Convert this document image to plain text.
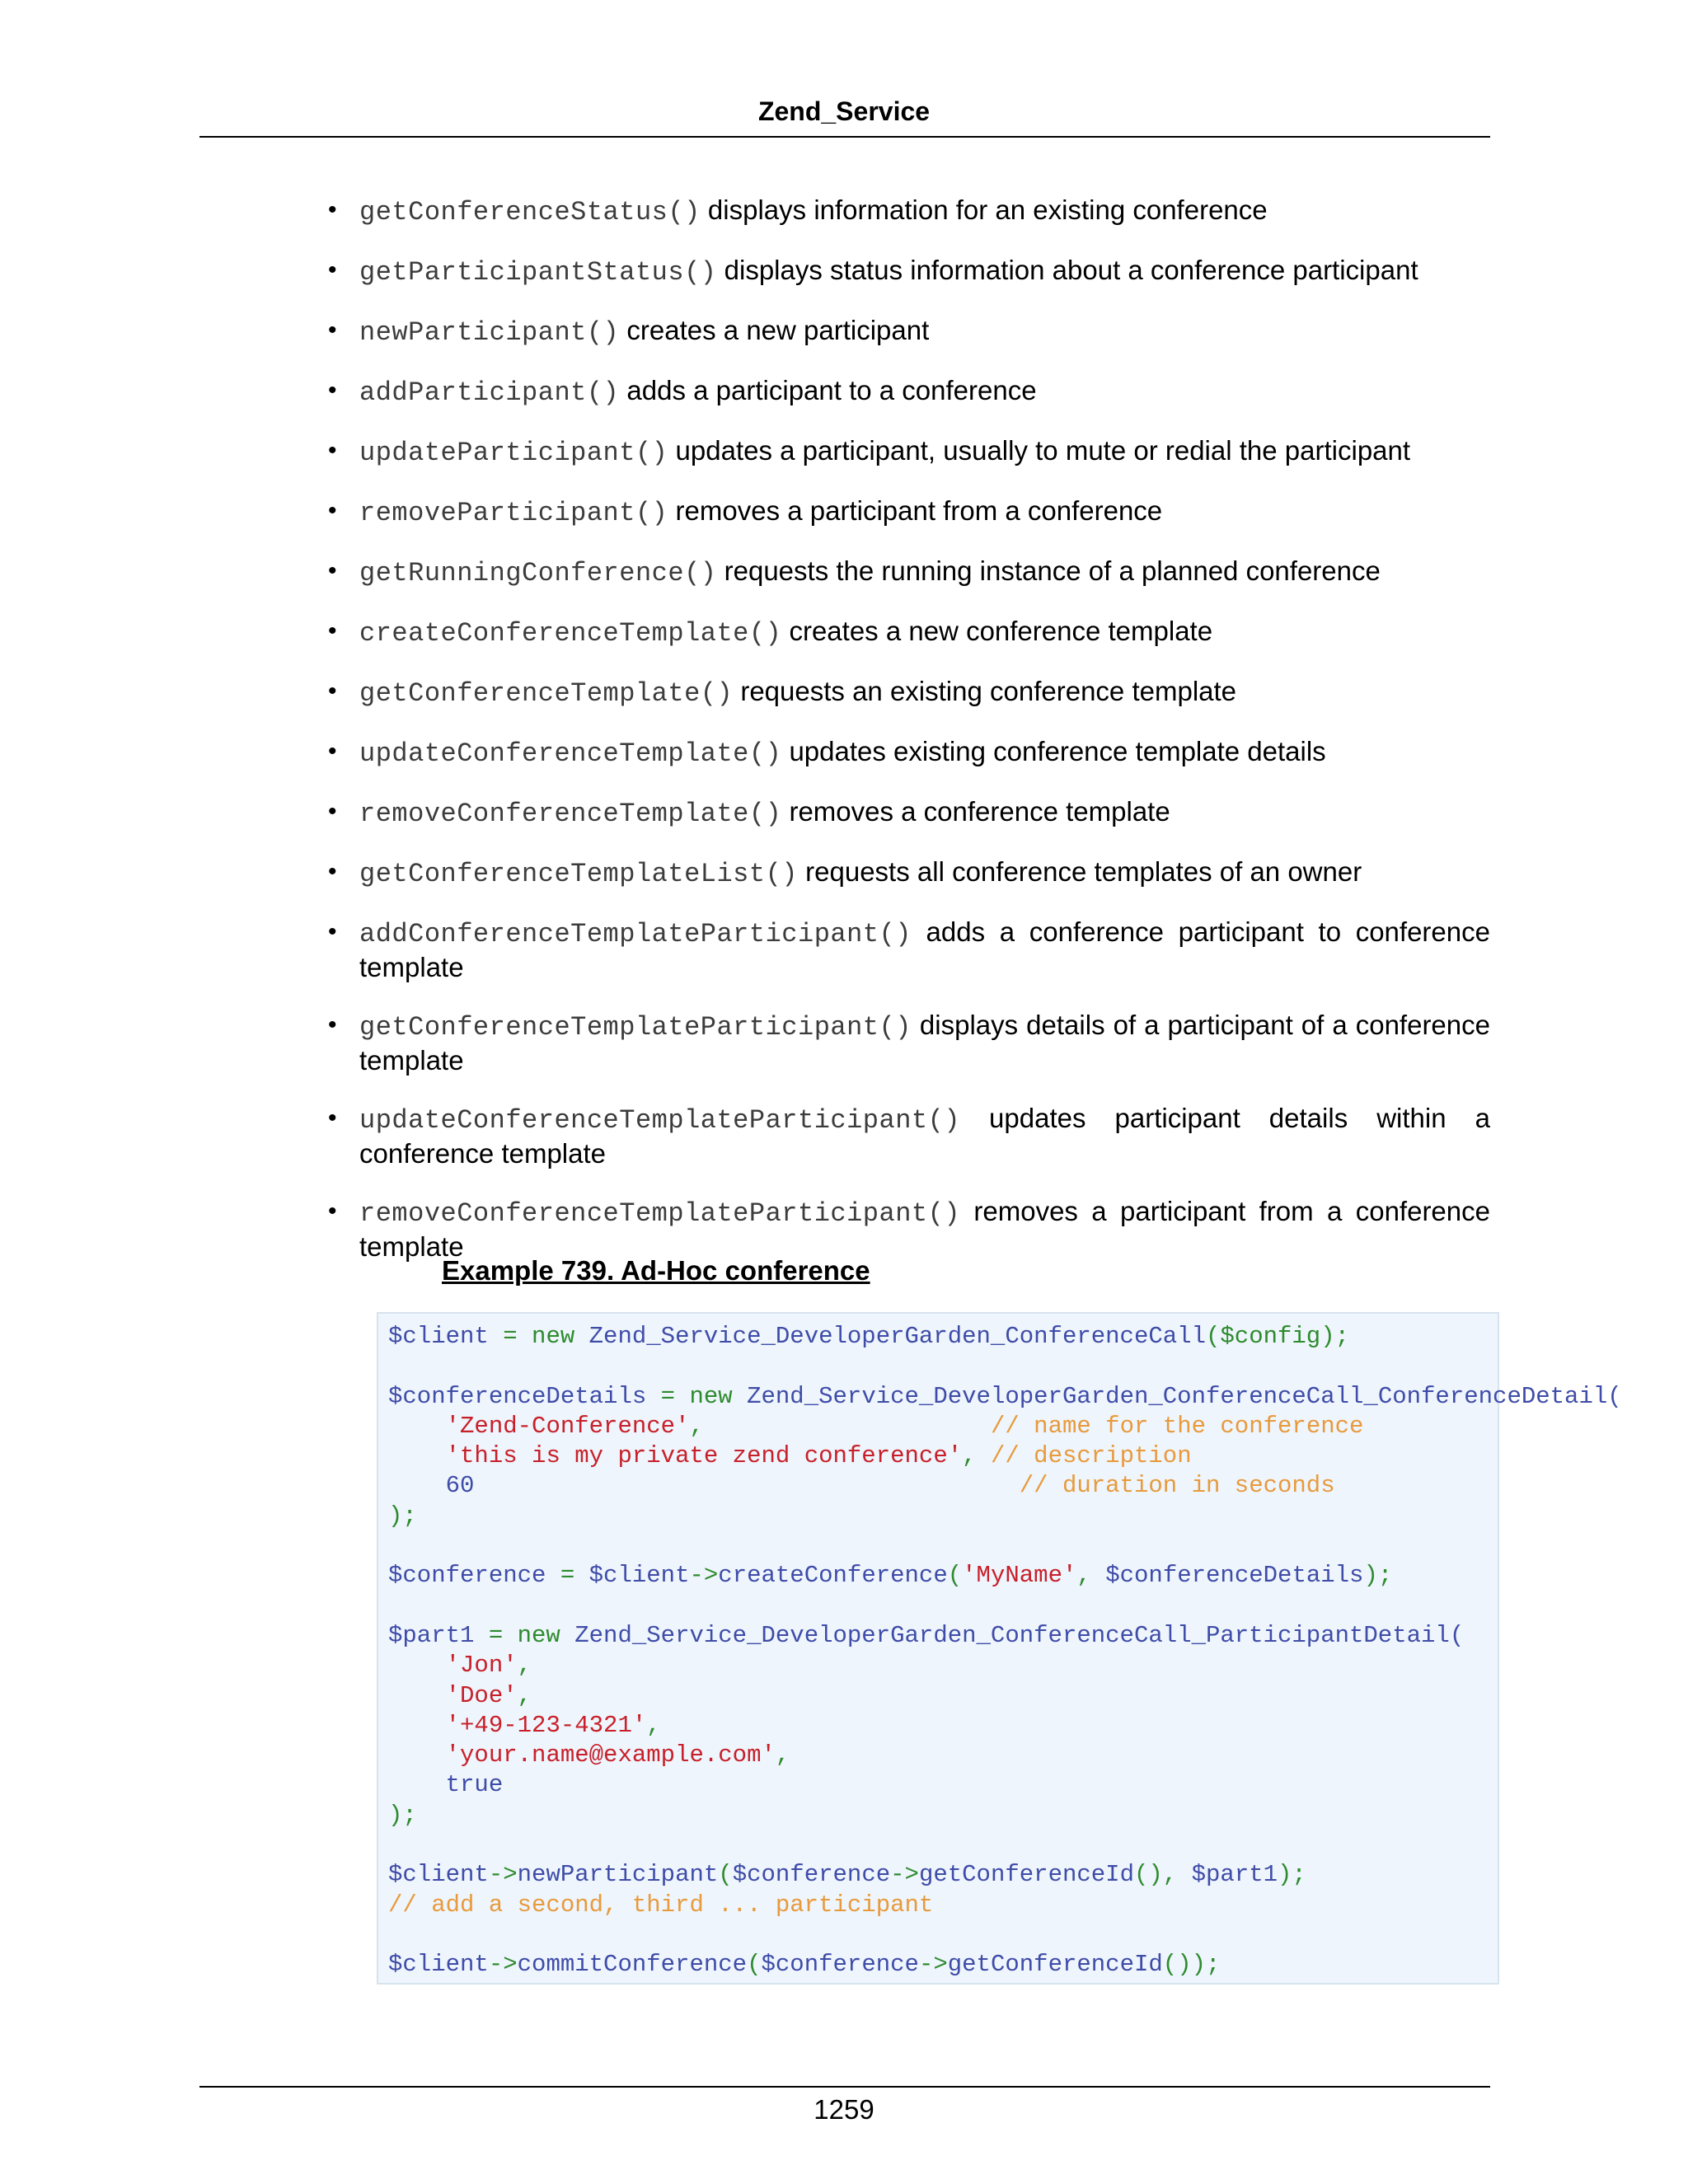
Zend_Service
• getConferenceStatus() displays information for an existing conference
• getParticipantStatus() displays status information about a conference participant
• newParticipant() creates a new participant
• addParticipant() adds a participant to a conference
• updateParticipant() updates a participant, usually to mute or redial the participant
• removeParticipant() removes a participant from a conference
• getRunningConference() requests the running instance of a planned conference
• createConferenceTemplate() creates a new conference template
• getConferenceTemplate() requests an existing conference template
• updateConferenceTemplate() updates existing conference template details
• removeConferenceTemplate() removes a conference template
• getConferenceTemplateList() requests all conference templates of an owner
• addConferenceTemplateParticipant() adds a conference participant to conference template
• getConferenceTemplateParticipant() displays details of a participant of a conference template
• updateConferenceTemplateParticipant() updates participant details within a conference template
• removeConferenceTemplateParticipant() removes a participant from a conference template
Example 739. Ad-Hoc conference
$client = new Zend_Service_DeveloperGarden_ConferenceCall($config);

$conferenceDetails = new Zend_Service_DeveloperGarden_ConferenceCall_ConferenceDetail(
'Zend-Conference',                    // name for the conference
'this is my private zend conference', // description
60	// duration in seconds
);

$conference = $client->createConference('MyName', $conferenceDetails);

$part1 = new Zend_Service_DeveloperGarden_ConferenceCall_ParticipantDetail(
'Jon',
'Doe',
'+49-123-4321',
'your.name@example.com',
true
);

$client->newParticipant($conference->getConferenceId(), $part1);
// add a second, third ... participant

$client->commitConference($conference->getConferenceId());
1259
